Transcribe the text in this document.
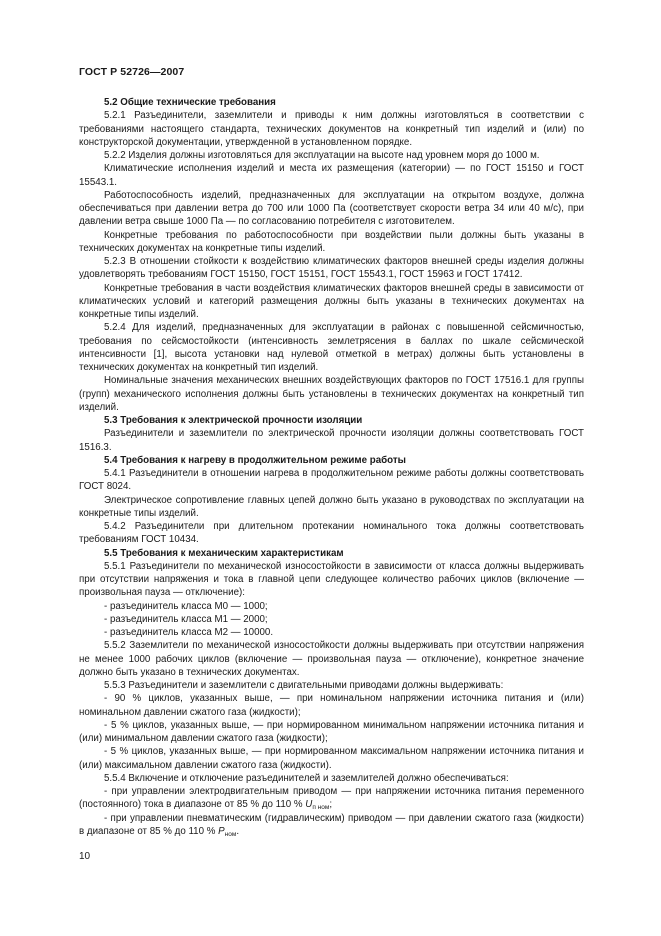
ГОСТ Р 52726—2007

5.2 Общие технические требования

5.2.1 Разъединители, заземлители и приводы к ним должны изготовляться в соответствии с требованиями настоящего стандарта, технических документов на конкретный тип изделий и (или) по конструкторской документации, утвержденной в установленном порядке.

5.2.2 Изделия должны изготовляться для эксплуатации на высоте над уровнем моря до 1000 м.

Климатические исполнения изделий и места их размещения (категории) — по ГОСТ 15150 и ГОСТ 15543.1.

Работоспособность изделий, предназначенных для эксплуатации на открытом воздухе, должна обеспечиваться при давлении ветра до 700 или 1000 Па (соответствует скорости ветра 34 или 40 м/с), при давлении ветра свыше 1000 Па — по согласованию потребителя с изготовителем.

Конкретные требования по работоспособности при воздействии пыли должны быть указаны в технических документах на конкретные типы изделий.

5.2.3 В отношении стойкости к воздействию климатических факторов внешней среды изделия должны удовлетворять требованиям ГОСТ 15150, ГОСТ 15151, ГОСТ 15543.1, ГОСТ 15963 и ГОСТ 17412.

Конкретные требования в части воздействия климатических факторов внешней среды в зависимости от климатических условий и категорий размещения должны быть указаны в технических документах на конкретные типы изделий.

5.2.4 Для изделий, предназначенных для эксплуатации в районах с повышенной сейсмичностью, требования по сейсмостойкости (интенсивность землетрясения в баллах по шкале сейсмической интенсивности [1], высота установки над нулевой отметкой в метрах) должны быть установлены в технических документах на конкретный тип изделий.

Номинальные значения механических внешних воздействующих факторов по ГОСТ 17516.1 для группы (групп) механического исполнения должны быть установлены в технических документах на конкретный тип изделий.

5.3 Требования к электрической прочности изоляции

Разъединители и заземлители по электрической прочности изоляции должны соответствовать ГОСТ 1516.3.

5.4 Требования к нагреву в продолжительном режиме работы

5.4.1 Разъединители в отношении нагрева в продолжительном режиме работы должны соответствовать ГОСТ 8024.

Электрическое сопротивление главных цепей должно быть указано в руководствах по эксплуатации на конкретные типы изделий.

5.4.2 Разъединители при длительном протекании номинального тока должны соответствовать требованиям ГОСТ 10434.

5.5 Требования к механическим характеристикам

5.5.1 Разъединители по механической износостойкости в зависимости от класса должны выдерживать при отсутствии напряжения и тока в главной цепи следующее количество рабочих циклов (включение — произвольная пауза — отключение):

- разъединитель класса М0 — 1000;

- разъединитель класса М1 — 2000;

- разъединитель класса М2 — 10000.

5.5.2 Заземлители по механической износостойкости должны выдерживать при отсутствии напряжения не менее 1000 рабочих циклов (включение — произвольная пауза — отключение), конкретное значение должно быть указано в технических документах.

5.5.3 Разъединители и заземлители с двигательными приводами должны выдерживать:

- 90 % циклов, указанных выше, — при номинальном напряжении источника питания и (или) номинальном давлении сжатого газа (жидкости);

- 5 % циклов, указанных выше, — при нормированном минимальном напряжении источника питания и (или) минимальном давлении сжатого газа (жидкости);

- 5 % циклов, указанных выше, — при нормированном максимальном напряжении источника питания и (или) максимальном давлении сжатого газа (жидкости).

5.5.4 Включение и отключение разъединителей и заземлителей должно обеспечиваться:

- при управлении электродвигательным приводом — при напряжении источника питания переменного (постоянного) тока в диапазоне от 85 % до 110 % $U_{п ном}$;

- при управлении пневматическим (гидравлическим) приводом — при давлении сжатого газа (жидкости) в диапазоне от 85 % до 110 % $P_{ном}$.

10
